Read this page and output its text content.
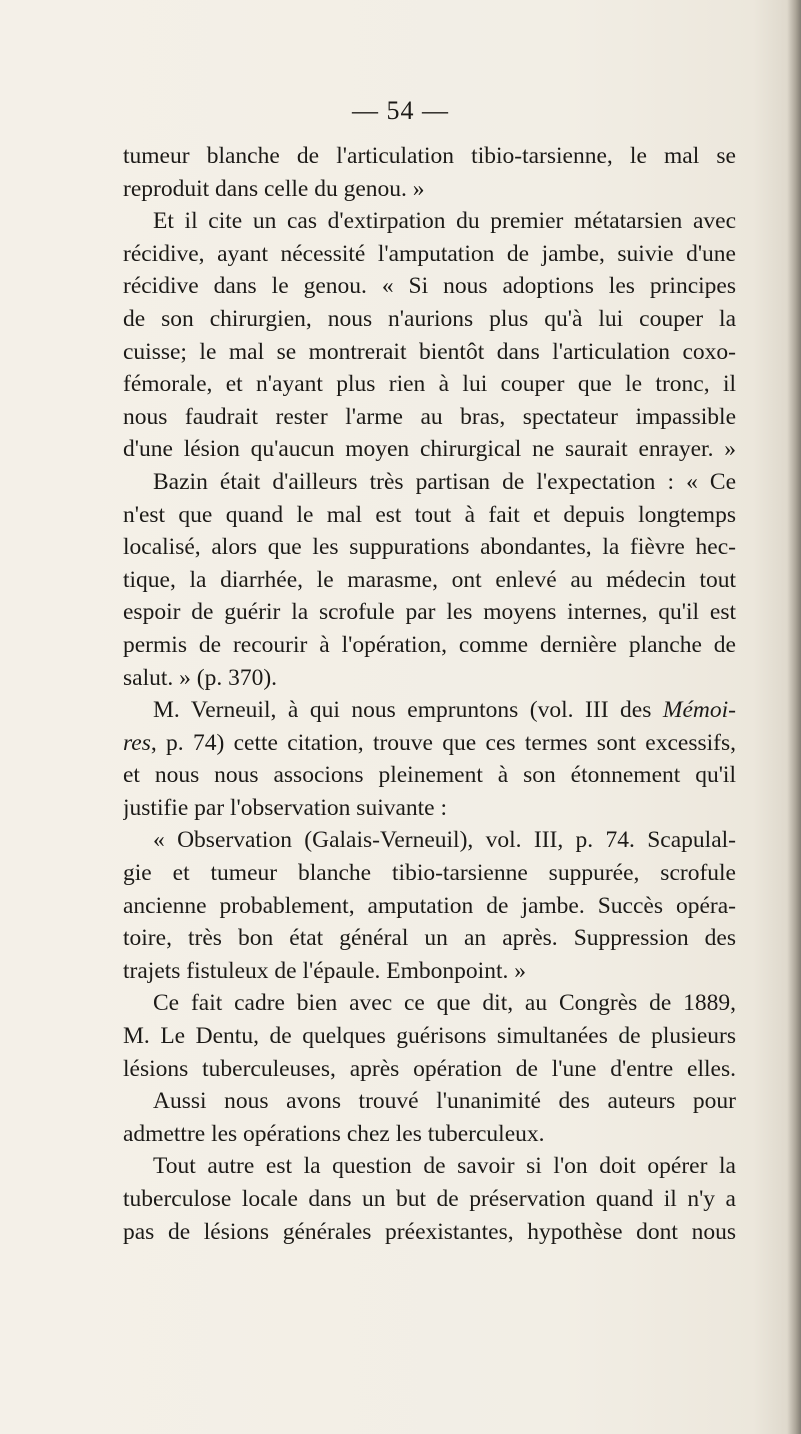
— 54 —
tumeur blanche de l'articulation tibio-tarsienne, le mal se
reproduit dans celle du genou. »
Et il cite un cas d'extirpation du premier métatarsien avec
récidive, ayant nécessité l'amputation de jambe, suivie d'une
récidive dans le genou. « Si nous adoptions les principes
de son chirurgien, nous n'aurions plus qu'à lui couper la
cuisse; le mal se montrerait bientôt dans l'articulation coxo-
fémorale, et n'ayant plus rien à lui couper que le tronc, il
nous faudrait rester l'arme au bras, spectateur impassible
d'une lésion qu'aucun moyen chirurgical ne saurait enrayer. »
Bazin était d'ailleurs très partisan de l'expectation : « Ce
n'est que quand le mal est tout à fait et depuis longtemps
localisé, alors que les suppurations abondantes, la fièvre hec-
tique, la diarrhée, le marasme, ont enlevé au médecin tout
espoir de guérir la scrofule par les moyens internes, qu'il est
permis de recourir à l'opération, comme dernière planche de
salut. » (p. 370).
M. Verneuil, à qui nous empruntons (vol. III des Mémoi-
res, p. 74) cette citation, trouve que ces termes sont excessifs,
et nous nous associons pleinement à son étonnement qu'il
justifie par l'observation suivante :
« Observation (Galais-Verneuil), vol. III, p. 74. Scapulal-
gie et tumeur blanche tibio-tarsienne suppurée, scrofule
ancienne probablement, amputation de jambe. Succès opéra-
toire, très bon état général un an après. Suppression des
trajets fistuleux de l'épaule. Embonpoint. »
Ce fait cadre bien avec ce que dit, au Congrès de 1889,
M. Le Dentu, de quelques guérisons simultanées de plusieurs
lésions tuberculeuses, après opération de l'une d'entre elles.
Aussi nous avons trouvé l'unanimité des auteurs pour
admettre les opérations chez les tuberculeux.
Tout autre est la question de savoir si l'on doit opérer la
tuberculose locale dans un but de préservation quand il n'y a
pas de lésions générales préexistantes, hypothèse dont nous
